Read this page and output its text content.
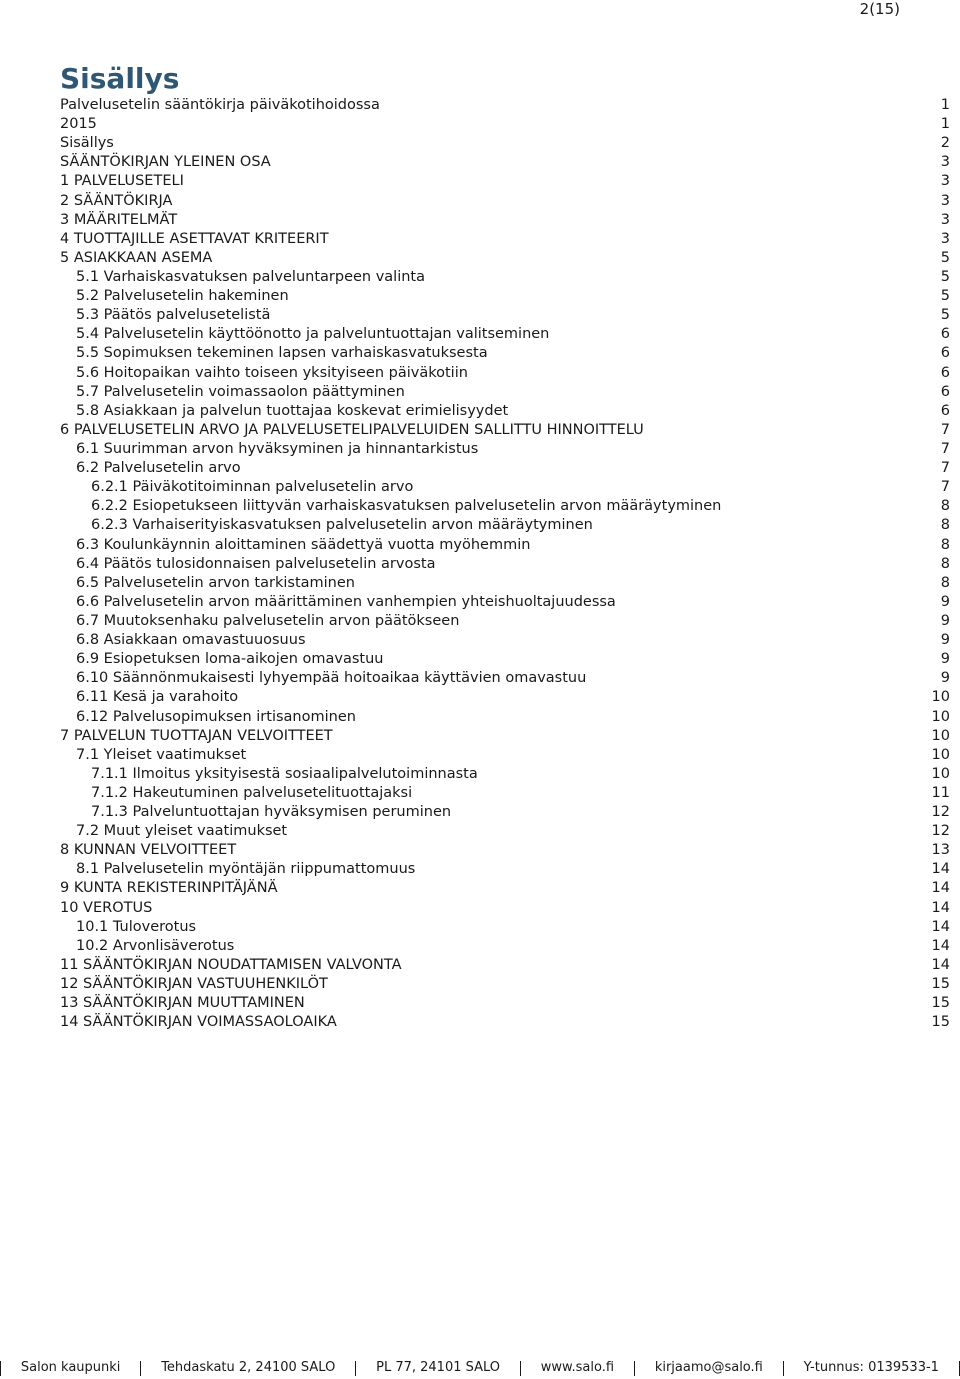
2(15)
Sisällys
Palvelusetelin sääntökirja päiväkotihoidossa	1
2015	1
Sisällys	2
SÄÄNTÖKIRJAN YLEINEN OSA	3
1 PALVELUSETELI	3
2 SÄÄNTÖKIRJA	3
3 MÄÄRITELMÄT	3
4 TUOTTAJILLE ASETTAVAT KRITEERIT	3
5 ASIAKKAAN ASEMA	5
5.1 Varhaiskasvatuksen palveluntarpeen valinta	5
5.2 Palvelusetelin hakeminen	5
5.3 Päätös palvelusetelistä	5
5.4 Palvelusetelin käyttöönotto ja palveluntuottajan valitseminen	6
5.5 Sopimuksen tekeminen lapsen varhaiskasvatuksesta	6
5.6 Hoitopaikan vaihto toiseen yksityiseen päiväkotiin	6
5.7 Palvelusetelin voimassaolon päättyminen	6
5.8 Asiakkaan ja palvelun tuottajaa koskevat erimielisyydet	6
6 PALVELUSETELIN ARVO JA PALVELUSETELIPALVELUIDEN SALLITTU HINNOITTELU	7
6.1 Suurimman arvon hyväksyminen ja hinnantarkistus	7
6.2 Palvelusetelin arvo	7
6.2.1 Päiväkotitoiminnan palvelusetelin arvo	7
6.2.2 Esiopetukseen liittyvän varhaiskasvatuksen palvelusetelin arvon määräytyminen	8
6.2.3 Varhaiserityiskasvatuksen palvelusetelin arvon määräytyminen	8
6.3 Koulunkäynnin aloittaminen säädettyä vuotta myöhemmin	8
6.4 Päätös tulosidonnaisen palvelusetelin arvosta	8
6.5 Palvelusetelin arvon tarkistaminen	8
6.6 Palvelusetelin arvon määrittäminen vanhempien yhteishuoltajuudessa	9
6.7 Muutoksenhaku palvelusetelin arvon päätökseen	9
6.8 Asiakkaan omavastuuosuus	9
6.9 Esiopetuksen loma-aikojen omavastuu	9
6.10 Säännönmukaisesti lyhyempää hoitoaikaa käyttävien omavastuu	9
6.11 Kesä ja varahoito	10
6.12 Palvelusopimuksen irtisanominen	10
7 PALVELUN TUOTTAJAN VELVOITTEET	10
7.1 Yleiset vaatimukset	10
7.1.1 Ilmoitus yksityisestä sosiaalipalvelutoiminnasta	10
7.1.2 Hakeutuminen palvelusetelituottajaksi	11
7.1.3 Palveluntuottajan hyväksymisen peruminen	12
7.2 Muut yleiset vaatimukset	12
8 KUNNAN VELVOITTEET	13
8.1 Palvelusetelin myöntäjän riippumattomuus	14
9 KUNTA REKISTERINPITÄJÄNÄ	14
10 VEROTUS	14
10.1 Tuloverotus	14
10.2 Arvonlisäverotus	14
11 SÄÄNTÖKIRJAN NOUDATTAMISEN VALVONTA	14
12 SÄÄNTÖKIRJAN VASTUUHENKILÖT	15
13 SÄÄNTÖKIRJAN MUUTTAMINEN	15
14 SÄÄNTÖKIRJAN VOIMASSAOLOAIKA	15
Salon kaupunki	Tehdaskatu 2, 24100 SALO	PL 77, 24101 SALO	www.salo.fi	kirjaamo@salo.fi	Y-tunnus: 0139533-1
